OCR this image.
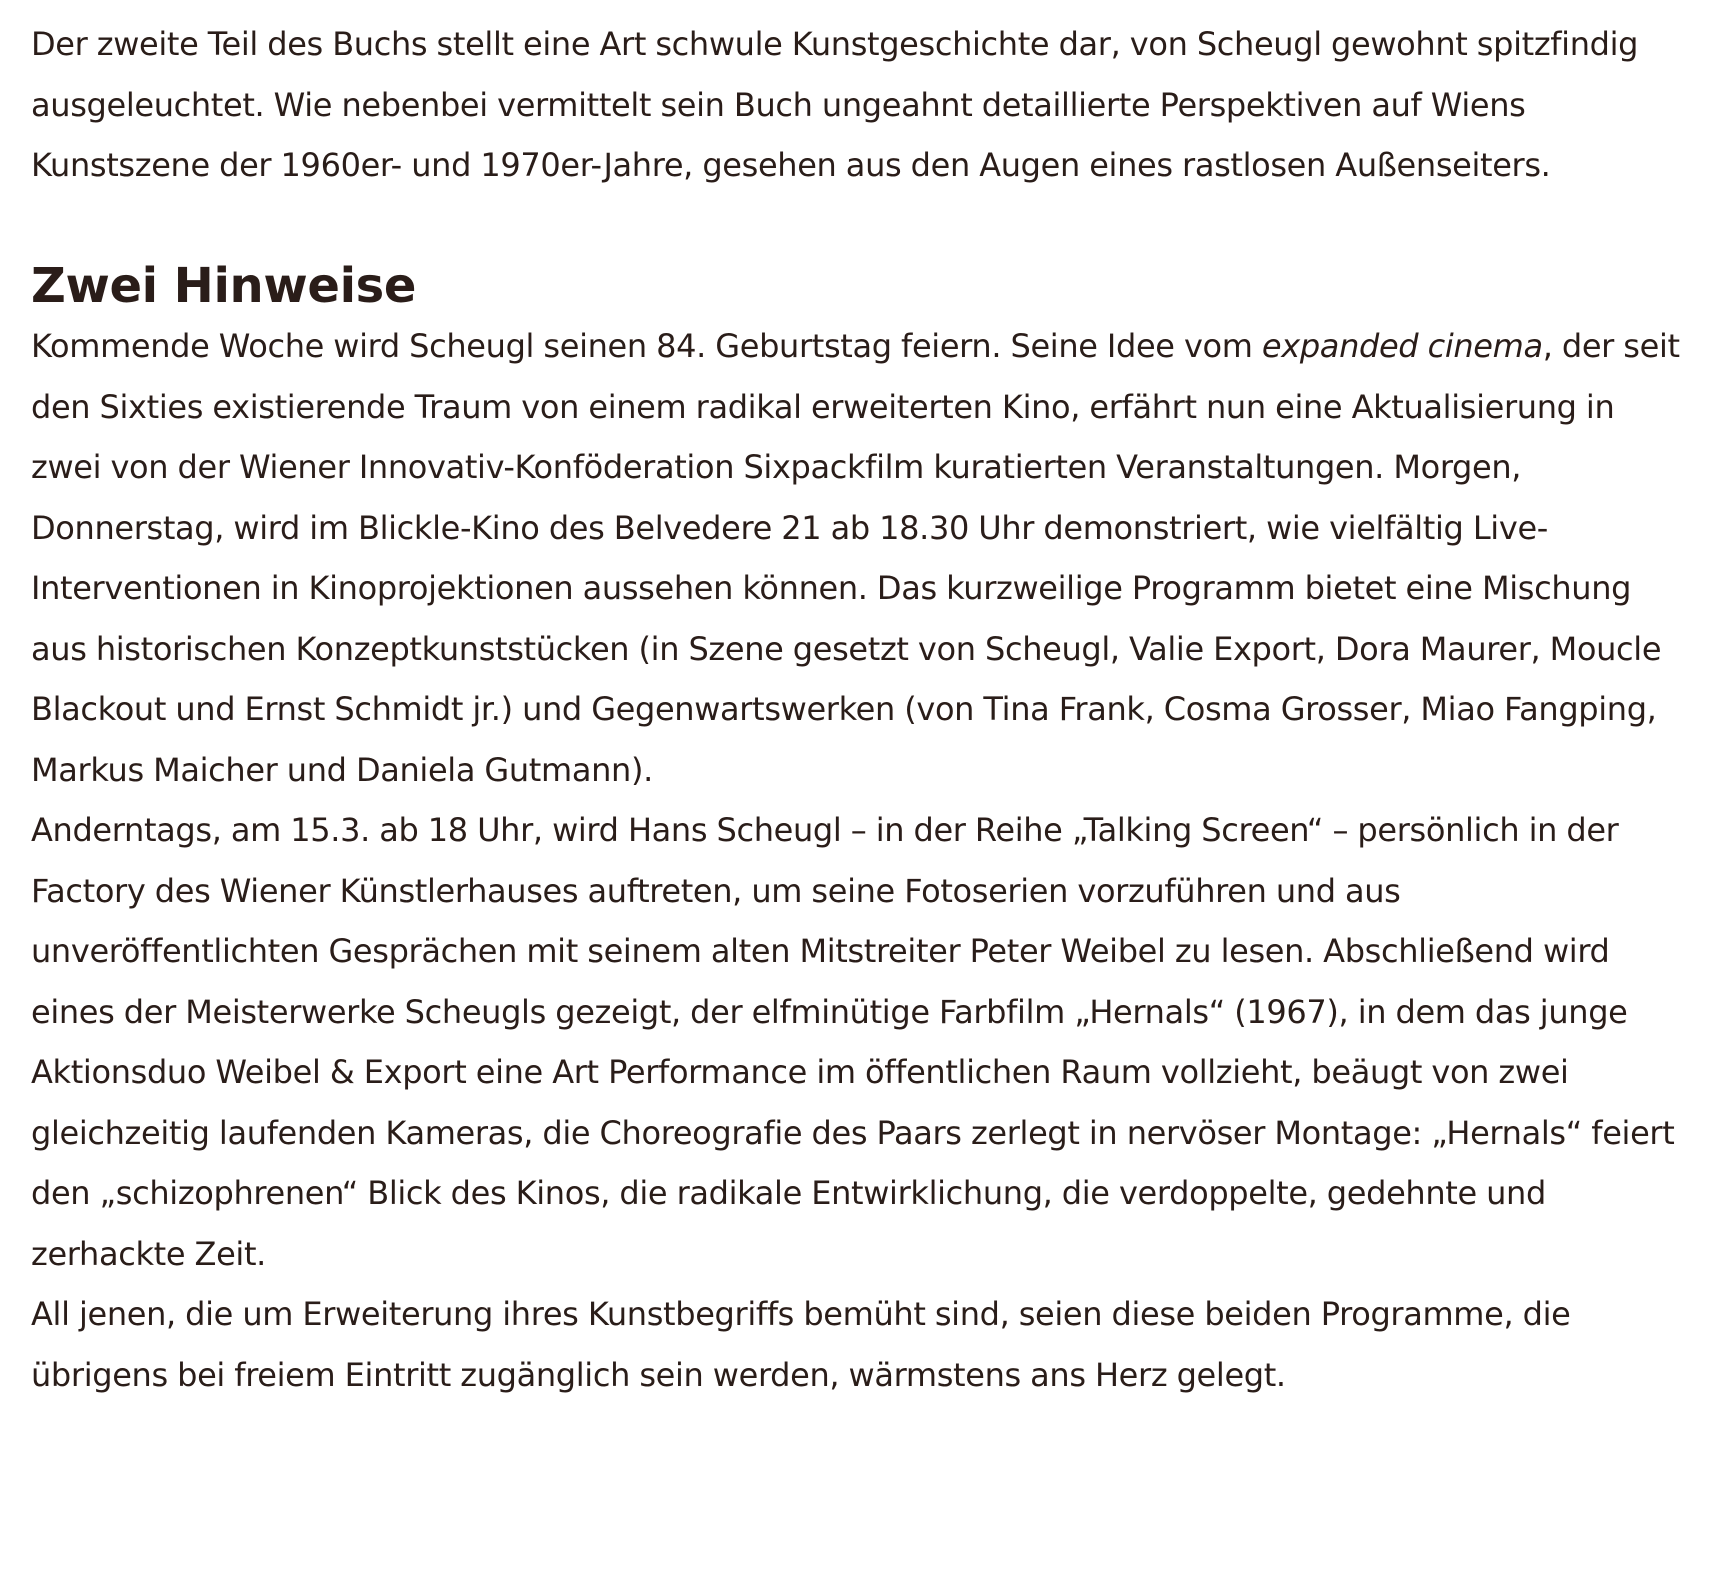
Der zweite Teil des Buchs stellt eine Art schwule Kunstgeschichte dar, von Scheugl gewohnt spitzfindig ausgeleuchtet. Wie nebenbei vermittelt sein Buch ungeahnt detaillierte Perspektiven auf Wiens Kunstszene der 1960er- und 1970er-Jahre, gesehen aus den Augen eines rastlosen Außenseiters.

Zwei Hinweise

Kommende Woche wird Scheugl seinen 84. Geburtstag feiern. Seine Idee vom expanded cinema, der seit den Sixties existierende Traum von einem radikal erweiterten Kino, erfährt nun eine Aktualisierung in zwei von der Wiener Innovativ-Konföderation Sixpackfilm kuratierten Veranstaltungen. Morgen, Donnerstag, wird im Blickle-Kino des Belvedere 21 ab 18.30 Uhr demonstriert, wie vielfältig Live-Interventionen in Kinoprojektionen aussehen können. Das kurzweilige Programm bietet eine Mischung aus historischen Konzeptkunststücken (in Szene gesetzt von Scheugl, Valie Export, Dora Maurer, Moucle Blackout und Ernst Schmidt jr.) und Gegenwartswerken (von Tina Frank, Cosma Grosser, Miao Fangping, Markus Maicher und Daniela Gutmann).

Anderntags, am 15.3. ab 18 Uhr, wird Hans Scheugl – in der Reihe „Talking Screen“ – persönlich in der Factory des Wiener Künstlerhauses auftreten, um seine Fotoserien vorzuführen und aus unveröffentlichten Gesprächen mit seinem alten Mitstreiter Peter Weibel zu lesen. Abschließend wird eines der Meisterwerke Scheugls gezeigt, der elfminütige Farbfilm „Hernals“ (1967), in dem das junge Aktionsduo Weibel & Export eine Art Performance im öffentlichen Raum vollzieht, beäugt von zwei gleichzeitig laufenden Kameras, die Choreografie des Paars zerlegt in nervöser Montage: „Hernals“ feiert den „schizophrenen“ Blick des Kinos, die radikale Entwirklichung, die verdoppelte, gedehnte und zerhackte Zeit.

All jenen, die um Erweiterung ihres Kunstbegriffs bemüht sind, seien diese beiden Programme, die übrigens bei freiem Eintritt zugänglich sein werden, wärmstens ans Herz gelegt.
